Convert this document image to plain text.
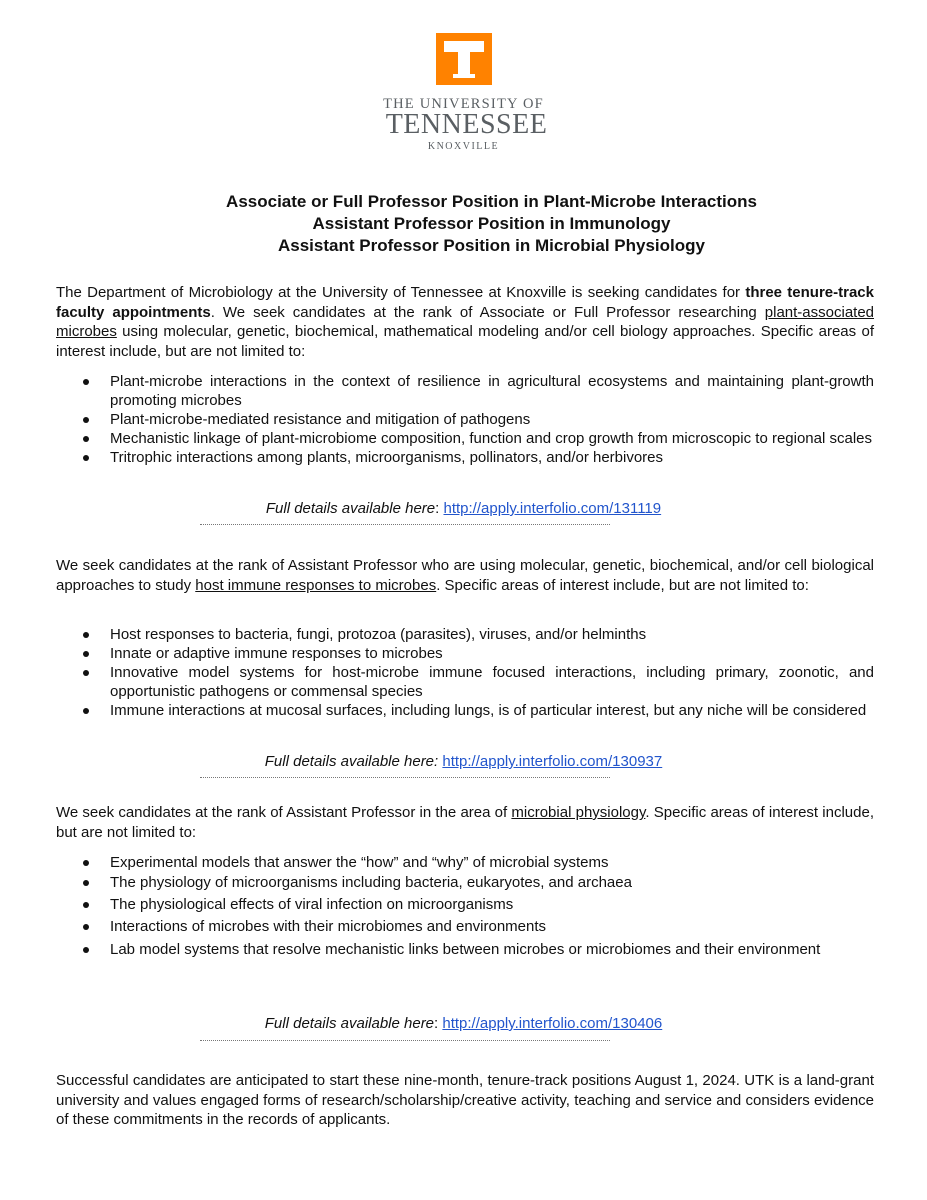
THE UNIVERSITY OF
TENNESSEE
KNOXVILLE
Associate or Full Professor Position in Plant-Microbe Interactions
Assistant Professor Position in Immunology
Assistant Professor Position in Microbial Physiology
The Department of Microbiology at the University of Tennessee at Knoxville is seeking candidates for three tenure-track faculty appointments. We seek candidates at the rank of Associate or Full Professor researching plant-associated microbes using molecular, genetic, biochemical, mathematical modeling and/or cell biology approaches. Specific areas of interest include, but are not limited to:
Plant-microbe interactions in the context of resilience in agricultural ecosystems and maintaining plant-growth promoting microbes
Plant-microbe-mediated resistance and mitigation of pathogens
Mechanistic linkage of plant-microbiome composition, function and crop growth from microscopic to regional scales
Tritrophic interactions among plants, microorganisms, pollinators, and/or herbivores
Full details available here: http://apply.interfolio.com/131119
We seek candidates at the rank of Assistant Professor who are using molecular, genetic, biochemical, and/or cell biological approaches to study host immune responses to microbes. Specific areas of interest include, but are not limited to:
Host responses to bacteria, fungi, protozoa (parasites), viruses, and/or helminths
Innate or adaptive immune responses to microbes
Innovative model systems for host-microbe immune focused interactions, including primary, zoonotic, and opportunistic pathogens or commensal species
Immune interactions at mucosal surfaces, including lungs, is of particular interest, but any niche will be considered
Full details available here: http://apply.interfolio.com/130937
We seek candidates at the rank of Assistant Professor in the area of microbial physiology. Specific areas of interest include, but are not limited to:
Experimental models that answer the “how” and “why” of microbial systems
The physiology of microorganisms including bacteria, eukaryotes, and archaea
The physiological effects of viral infection on microorganisms
Interactions of microbes with their microbiomes and environments
Lab model systems that resolve mechanistic links between microbes or microbiomes and their environment
Full details available here: http://apply.interfolio.com/130406
Successful candidates are anticipated to start these nine-month, tenure-track positions August 1, 2024. UTK is a land-grant university and values engaged forms of research/scholarship/creative activity, teaching and service and considers evidence of these commitments in the records of applicants.
